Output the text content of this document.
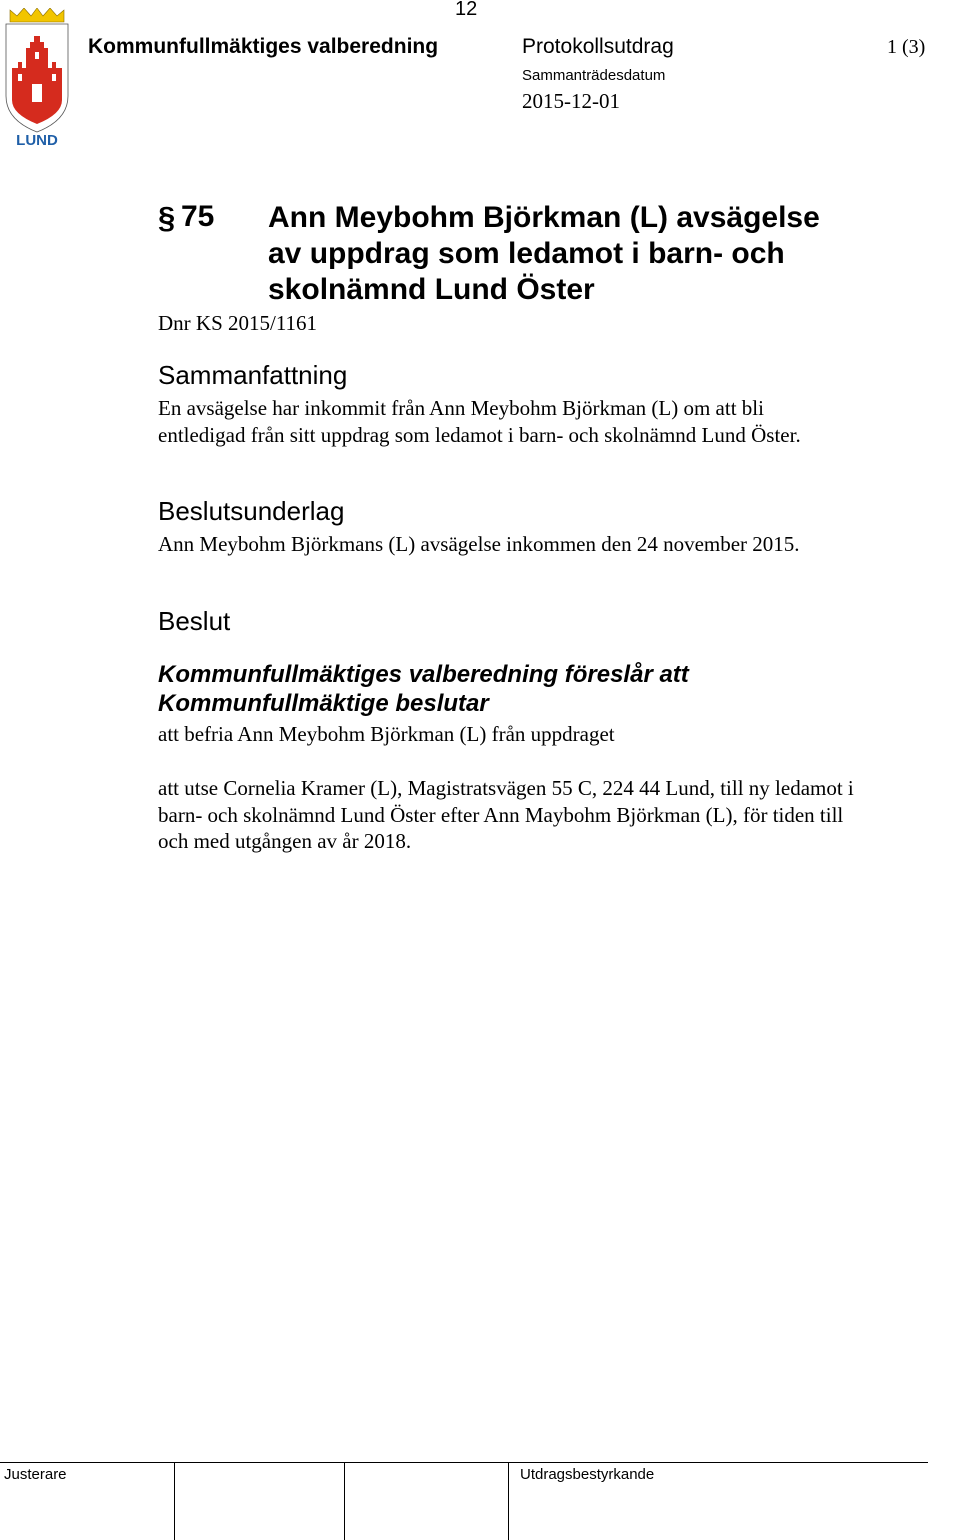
12
LUND
Kommunfullmäktiges valberedning	Protokollsutdrag	1 (3)
Sammanträdesdatum
2015-12-01
§ 75 Ann Meybohm Björkman (L) avsägelse
av uppdrag som ledamot i barn- och
skolnämnd Lund Öster
Dnr KS 2015/1161
Sammanfattning
En avsägelse har inkommit från Ann Meybohm Björkman (L) om att bli entledigad från sitt uppdrag som ledamot i barn- och skolnämnd Lund Öster.
Beslutsunderlag
Ann Meybohm Björkmans (L) avsägelse inkommen den 24 november 2015.
Beslut
Kommunfullmäktiges valberedning föreslår att
Kommunfullmäktige beslutar
att befria Ann Meybohm Björkman (L) från uppdraget
att utse Cornelia Kramer (L), Magistratsvägen 55 C, 224 44 Lund, till ny ledamot i barn- och skolnämnd Lund Öster efter Ann Maybohm Björkman (L), för tiden till och med utgången av år 2018.
Justerare	Utdragsbestyrkande
